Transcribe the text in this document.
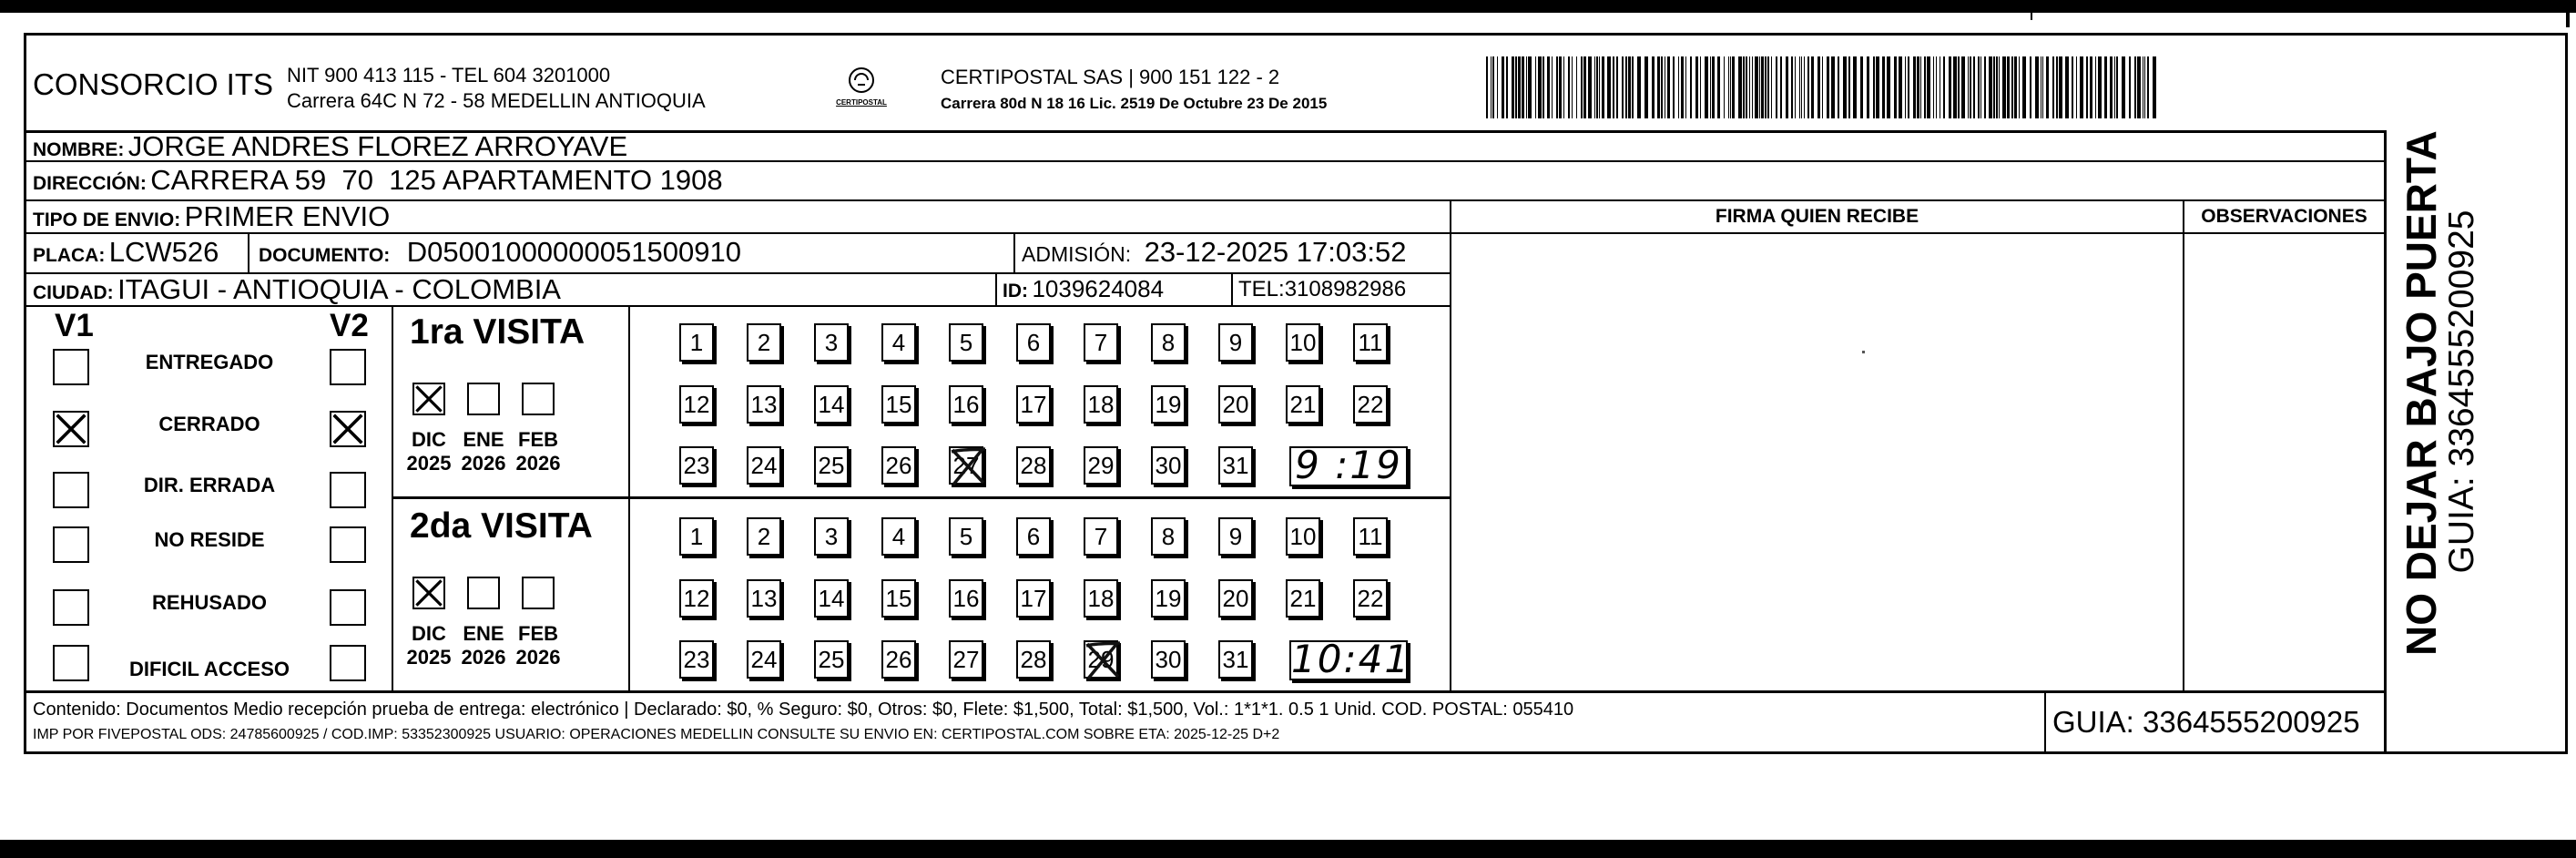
CONSORCIO ITS NIT 900 413 115 - TEL 604 3201000
Carrera 64C N 72 - 58 MEDELLIN ANTIOQUIA	CERTIPOSTAL
CERTIPOSTAL SAS | 900 151 122 - 2
Carrera 80d N 18 16 Lic. 2519 De Octubre 23 De 2015
NOMBRE: JORGE ANDRES FLOREZ ARROYAVE
DIRECCIÓN: CARRERA 59  70  125 APARTAMENTO 1908
TIPO DE ENVIO: PRIMER ENVIO
PLACA: LCW526 DOCUMENTO: D05001000000051500910	ADMISIÓN: 23-12-2025 17:03:52
CIUDAD: ITAGUI - ANTIOQUIA - COLOMBIA	ID: 1039624084	TEL:3108982986
FIRMA QUIEN RECIBE	OBSERVACIONES
V1	V2
ENTREGADO
CERRADO
DIR. ERRADA
NO RESIDE
REHUSADO
DIFICIL ACCESO
1ra VISITA
DIC
2025
ENE
2026
FEB
2026
1	2	3	4	5	6	7	8	9	10 11
12 13 14 15 16 17 18 19 20 21 22
23 24 25 26 27 28 29 30 31 9 :19
2da VISITA
DIC
2025
ENE
2026
FEB
2026
1	2	3	4	5	6	7	8	9	10 11
12 13 14 15 16 17 18 19 20 21 22
23 24 25 26 27 28 29 30 31 10:41
Contenido: Documentos Medio recepción prueba de entrega: electrónico | Declarado: $0, % Seguro: $0, Otros: $0, Flete: $1,500, Total: $1,500, Vol.: 1*1*1. 0.5 1 Unid. COD. POSTAL: 055410
IMP POR FIVEPOSTAL ODS: 24785600925 / COD.IMP: 53352300925 USUARIO: OPERACIONES MEDELLIN CONSULTE SU ENVIO EN: CERTIPOSTAL.COM SOBRE ETA: 2025-12-25 D+2	GUIA: 3364555200925
NO DEJAR BAJO PUERTA
GUIA: 3364555200925
